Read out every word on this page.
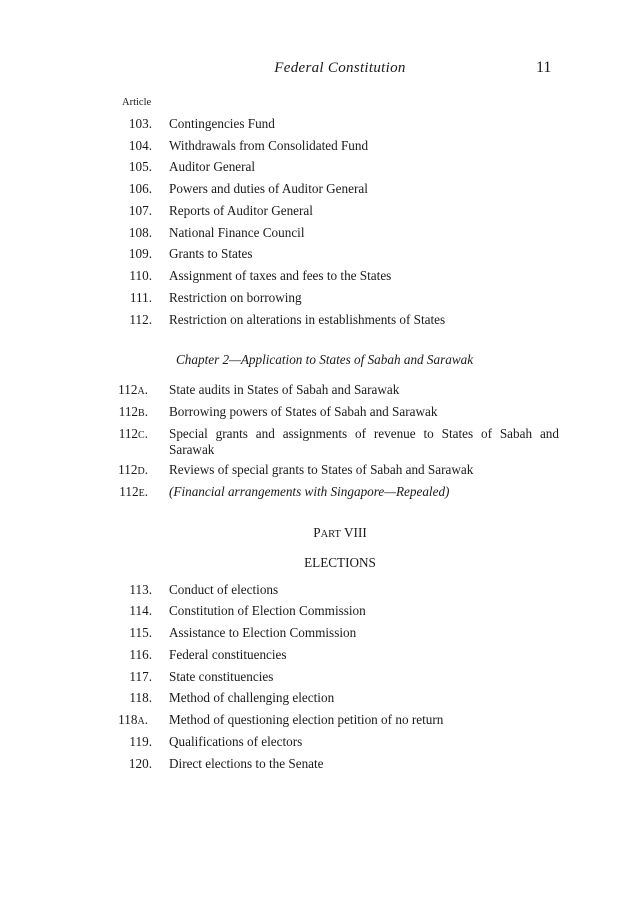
Federal Constitution	11
Article
103. Contingencies Fund
104. Withdrawals from Consolidated Fund
105. Auditor General
106. Powers and duties of Auditor General
107. Reports of Auditor General
108. National Finance Council
109. Grants to States
110. Assignment of taxes and fees to the States
111. Restriction on borrowing
112. Restriction on alterations in establishments of States
Chapter 2—Application to States of Sabah and Sarawak
112A. State audits in States of Sabah and Sarawak
112B. Borrowing powers of States of Sabah and Sarawak
112C. Special grants and assignments of revenue to States of Sabah and Sarawak
112D. Reviews of special grants to States of Sabah and Sarawak
112E. (Financial arrangements with Singapore—Repealed)
PART VIII
ELECTIONS
113. Conduct of elections
114. Constitution of Election Commission
115. Assistance to Election Commission
116. Federal constituencies
117. State constituencies
118. Method of challenging election
118A. Method of questioning election petition of no return
119. Qualifications of electors
120. Direct elections to the Senate
